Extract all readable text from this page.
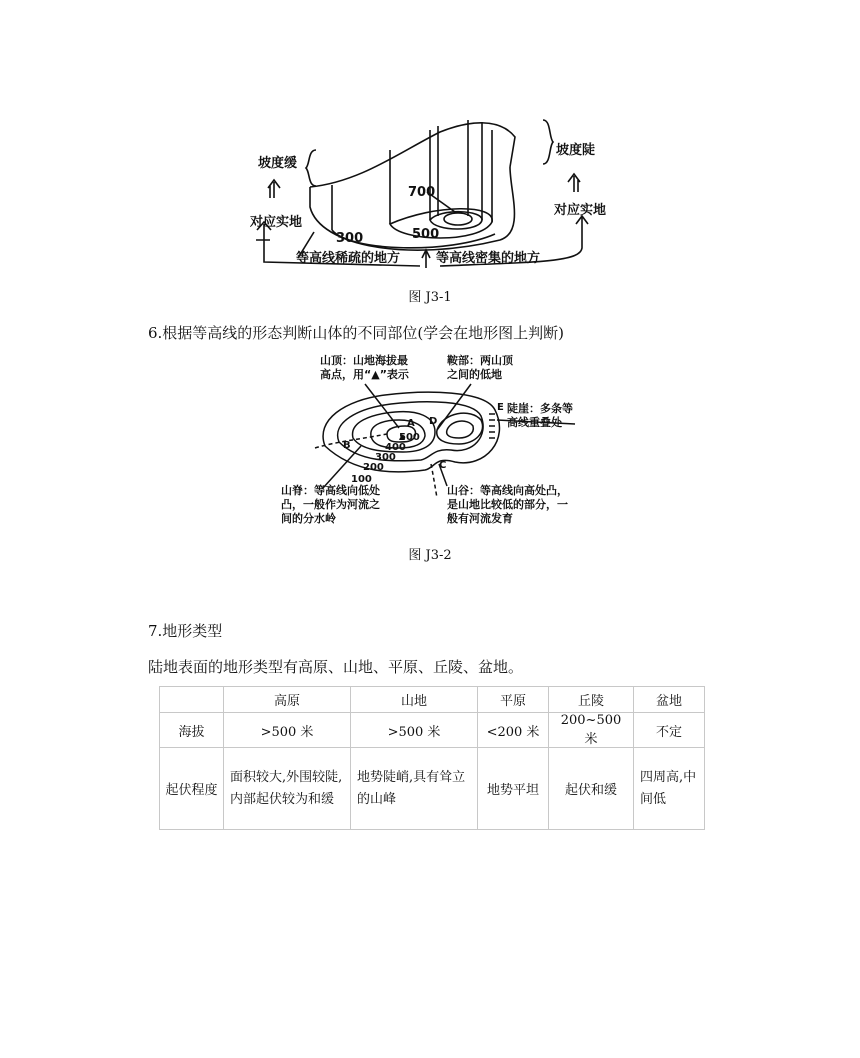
坡度缓
坡度陡
对应实地
对应实地
等高线稀疏的地方	等高线密集的地方
300	500
700
图 J3-1
6.根据等高线的形态判断山体的不同部位(学会在地形图上判断)
山顶：山地海拔最
高点，用“▲”表示
鞍部：两山顶
之间的低地
陡崖：多条等
高线重叠处
山脊：等高线向低处
凸，一般作为河流之
间的分水岭
山谷：等高线向高处凸，
是山地比较低的部分，一
般有河流发育
A
B
C
D
E
500
400
300
200
100
图 J3-2
7.地形类型
陆地表面的地形类型有高原、山地、平原、丘陵、盆地。
	高原	山地	平原	丘陵	盆地
海拔	>500 米	>500 米	<200 米	200~500 米	不定
起伏程度	面积较大,外围较陡,内部起伏较为和缓	地势陡峭,具有耸立的山峰	地势平坦	起伏和缓	四周高,中间低
